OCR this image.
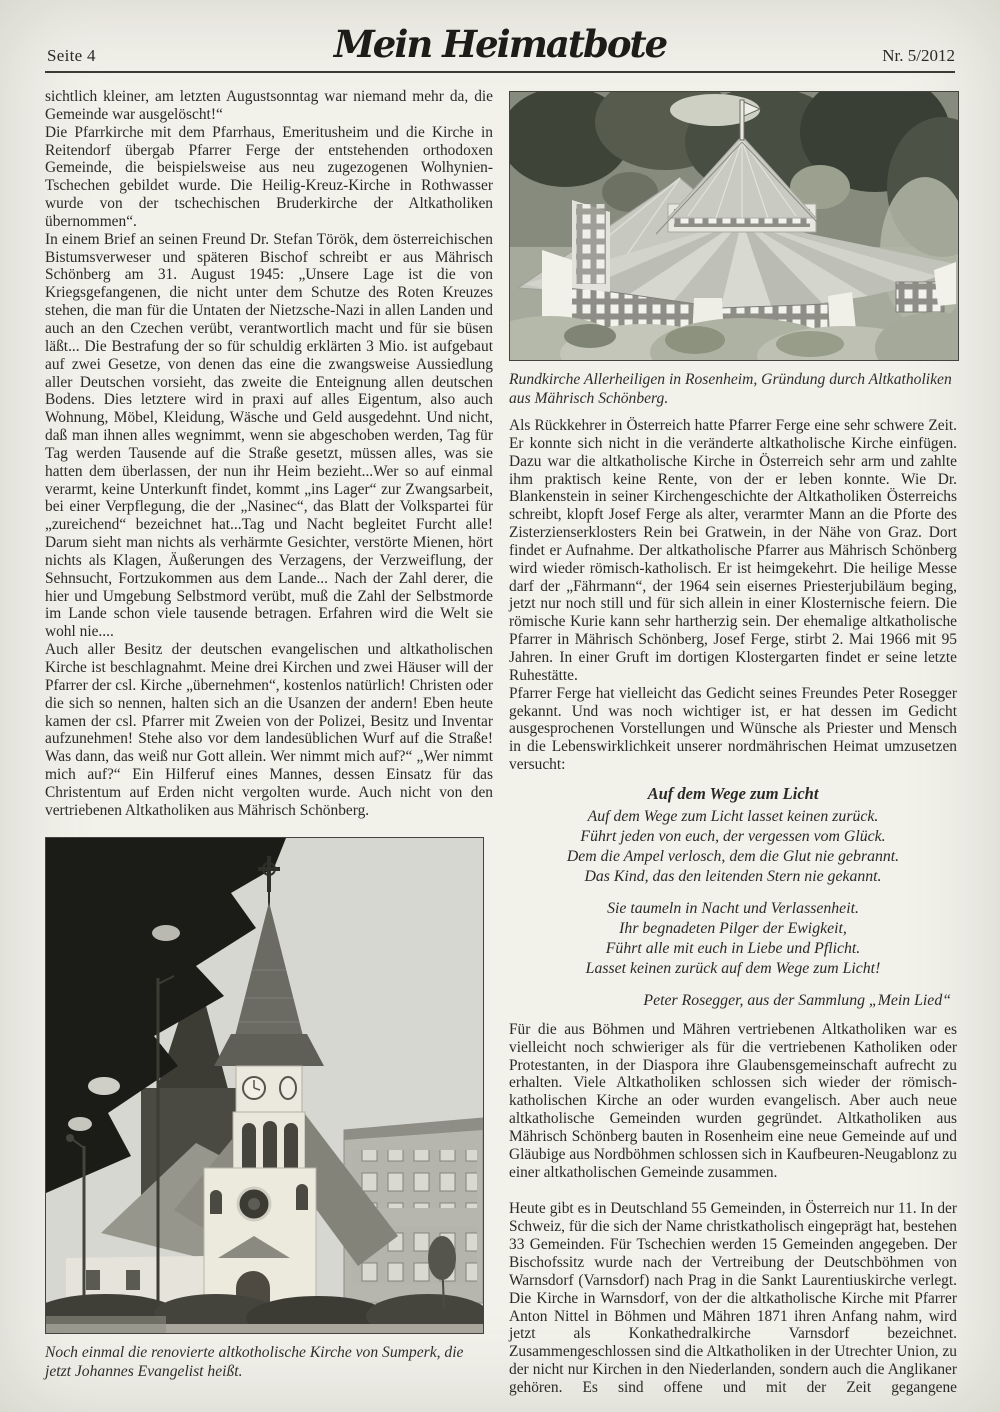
Seite 4	Mein Heimatbote	Nr. 5/2012

sichtlich kleiner, am letzten Augustsonntag war niemand mehr da, die Gemeinde war ausgelöscht!“

Die Pfarrkirche mit dem Pfarrhaus, Emeritusheim und die Kirche in Reitendorf übergab Pfarrer Ferge der entstehenden orthodoxen Gemeinde, die beispielsweise aus neu zugezogenen Wolhynien-Tschechen gebildet wurde. Die Heilig-Kreuz-Kirche in Rothwasser wurde von der tschechischen Bruderkirche der Altkatholiken übernommen“.

In einem Brief an seinen Freund Dr. Stefan Török, dem österreichischen Bistumsverweser und späteren Bischof schreibt er aus Mährisch Schönberg am 31. August 1945: „Unsere Lage ist die von Kriegsgefangenen, die nicht unter dem Schutze des Roten Kreuzes stehen, die man für die Untaten der Nietzsche-Nazi in allen Landen und auch an den Czechen verübt, verantwortlich macht und für sie büsen läßt... Die Bestrafung der so für schuldig erklärten 3 Mio. ist aufgebaut auf zwei Gesetze, von denen das eine die zwangsweise Aussiedlung aller Deutschen vorsieht, das zweite die Enteignung allen deutschen Bodens. Dies letztere wird in praxi auf alles Eigentum, also auch Wohnung, Möbel, Kleidung, Wäsche und Geld ausgedehnt. Und nicht, daß man ihnen alles wegnimmt, wenn sie abgeschoben werden, Tag für Tag werden Tausende auf die Straße gesetzt, müssen alles, was sie hatten dem überlassen, der nun ihr Heim bezieht...Wer so auf einmal verarmt, keine Unterkunft findet, kommt „ins Lager“ zur Zwangsarbeit, bei einer Verpflegung, die der „Nasinec“, das Blatt der Volkspartei für „zureichend“ bezeichnet hat...Tag und Nacht begleitet Furcht alle! Darum sieht man nichts als verhärmte Gesichter, verstörte Mienen, hört nichts als Klagen, Äußerungen des Verzagens, der Verzweiflung, der Sehnsucht, Fortzukommen aus dem Lande... Nach der Zahl derer, die hier und Umgebung Selbstmord verübt, muß die Zahl der Selbstmorde im Lande schon viele tausende betragen. Erfahren wird die Welt sie wohl nie....

Auch aller Besitz der deutschen evangelischen und altkatholischen Kirche ist beschlagnahmt. Meine drei Kirchen und zwei Häuser will der Pfarrer der csl. Kirche „übernehmen“, kostenlos natürlich! Christen oder die sich so nennen, halten sich an die Usanzen der andern! Eben heute kamen der csl. Pfarrer mit Zweien von der Polizei, Besitz und Inventar aufzunehmen! Stehe also vor dem landesüblichen Wurf auf die Straße! Was dann, das weiß nur Gott allein. Wer nimmt mich auf?“ „Wer nimmt mich auf?“ Ein Hilferuf eines Mannes, dessen Einsatz für das Christentum auf Erden nicht vergolten wurde. Auch nicht von den vertriebenen Altkatholiken aus Mährisch Schönberg.

Noch einmal die renovierte altkotholische Kirche von Sumperk, die jetzt Johannes Evangelist heißt.
Rundkirche Allerheiligen in Rosenheim, Gründung durch Altkatholiken aus Mährisch Schönberg.

Als Rückkehrer in Österreich hatte Pfarrer Ferge eine sehr schwere Zeit. Er konnte sich nicht in die veränderte altkatholische Kirche einfügen. Dazu war die altkatholische Kirche in Österreich sehr arm und zahlte ihm praktisch keine Rente, von der er leben konnte. Wie Dr. Blankenstein in seiner Kirchengeschichte der Altkatholiken Österreichs schreibt, klopft Josef Ferge als alter, verarmter Mann an die Pforte des Zisterzienserklosters Rein bei Gratwein, in der Nähe von Graz. Dort findet er Aufnahme. Der altkatholische Pfarrer aus Mährisch Schönberg wird wieder römisch-katholisch. Er ist heimgekehrt. Die heilige Messe darf der „Fährmann“, der 1964 sein eisernes Priesterjubiläum beging, jetzt nur noch still und für sich allein in einer Klosternische feiern. Die römische Kurie kann sehr hartherzig sein. Der ehemalige altkatholische Pfarrer in Mährisch Schönberg, Josef Ferge, stirbt 2. Mai 1966 mit 95 Jahren. In einer Gruft im dortigen Klostergarten findet er seine letzte Ruhestätte.

Pfarrer Ferge hat vielleicht das Gedicht seines Freundes Peter Rosegger gekannt. Und was noch wichtiger ist, er hat dessen im Gedicht ausgesprochenen Vorstellungen und Wünsche als Priester und Mensch in die Lebenswirklichkeit unserer nordmährischen Heimat umzusetzen versucht:

Auf dem Wege zum Licht
Auf dem Wege zum Licht lasset keinen zurück.
Führt jeden von euch, der vergessen vom Glück.
Dem die Ampel verlosch, dem die Glut nie gebrannt.
Das Kind, das den leitenden Stern nie gekannt.
Sie taumeln in Nacht und Verlassenheit.
Ihr begnadeten Pilger der Ewigkeit,
Führt alle mit euch in Liebe und Pflicht.
Lasset keinen zurück auf dem Wege zum Licht!
Peter Rosegger, aus der Sammlung „Mein Lied“

Für die aus Böhmen und Mähren vertriebenen Altkatholiken war es vielleicht noch schwieriger als für die vertriebenen Katholiken oder Protestanten, in der Diaspora ihre Glaubensgemeinschaft aufrecht zu erhalten. Viele Altkatholiken schlossen sich wieder der römisch-katholischen Kirche an oder wurden evangelisch. Aber auch neue altkatholische Gemeinden wurden gegründet. Altkatholiken aus Mährisch Schönberg bauten in Rosenheim eine neue Gemeinde auf und Gläubige aus Nordböhmen schlossen sich in Kaufbeuren-Neugablonz zu einer altkatholischen Gemeinde zusammen.

Heute gibt es in Deutschland 55 Gemeinden, in Österreich nur 11. In der Schweiz, für die sich der Name christkatholisch eingeprägt hat, bestehen 33 Gemeinden. Für Tschechien werden 15 Gemeinden angegeben. Der Bischofssitz wurde nach der Vertreibung der Deutschböhmen von Warnsdorf (Varnsdorf) nach Prag in die Sankt Laurentiuskirche verlegt. Die Kirche in Warnsdorf, von der die altkatholische Kirche mit Pfarrer Anton Nittel in Böhmen und Mähren 1871 ihren Anfang nahm, wird jetzt als Konkathedralkirche Varnsdorf bezeichnet. Zusammengeschlossen sind die Altkatholiken in der Utrechter Union, zu der nicht nur Kirchen in den Niederlanden, sondern auch die Anglikaner gehören. Es sind offene und mit der Zeit gegangene
